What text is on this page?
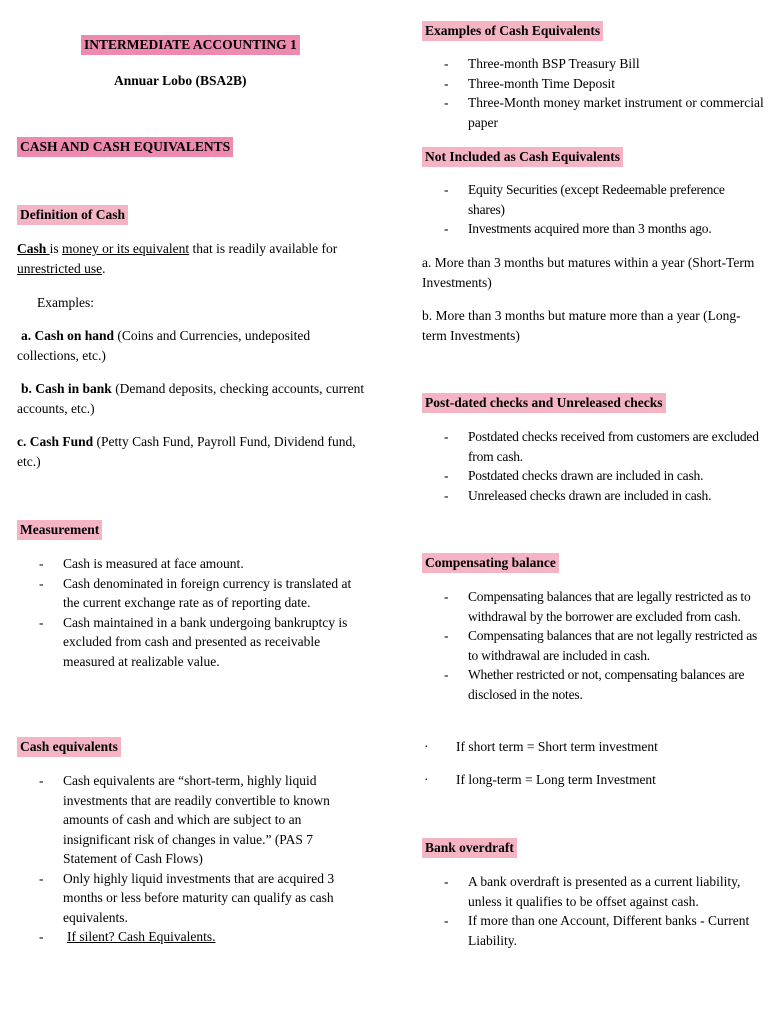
INTERMEDIATE ACCOUNTING 1
Annuar Lobo (BSA2B)
CASH AND CASH EQUIVALENTS
Definition of Cash

Cash is money or its equivalent that is readily available for unrestricted use.

Examples:

a. Cash on hand (Coins and Currencies, undeposited collections, etc.)

b. Cash in bank (Demand deposits, checking accounts, current accounts, etc.)

c. Cash Fund (Petty Cash Fund, Payroll Fund, Dividend fund, etc.)

Measurement
- Cash is measured at face amount.
- Cash denominated in foreign currency is translated at the current exchange rate as of reporting date.
- Cash maintained in a bank undergoing bankruptcy is excluded from cash and presented as receivable measured at realizable value.
Cash equivalents
- Cash equivalents are “short-term, highly liquid investments that are readily convertible to known amounts of cash and which are subject to an insignificant risk of changes in value.” (PAS 7 Statement of Cash Flows)
- Only highly liquid investments that are acquired 3 months or less before maturity can qualify as cash equivalents.
- If silent? Cash Equivalents.
Examples of Cash Equivalents
- Three-month BSP Treasury Bill
- Three-month Time Deposit
- Three-Month money market instrument or commercial paper
Not Included as Cash Equivalents
- Equity Securities (except Redeemable preference shares)
- Investments acquired more than 3 months ago.

a. More than 3 months but matures within a year (Short-Term Investments)

b. More than 3 months but mature more than a year (Long-term Investments)

Post-dated checks and Unreleased checks
- Postdated checks received from customers are excluded from cash.
- Postdated checks drawn are included in cash.
- Unreleased checks drawn are included in cash.
Compensating balance
- Compensating balances that are legally restricted as to withdrawal by the borrower are excluded from cash.
- Compensating balances that are not legally restricted as to withdrawal are included in cash.
- Whether restricted or not, compensating balances are disclosed in the notes.
· If short term = Short term investment
· If long-term = Long term Investment
Bank overdraft
- A bank overdraft is presented as a current liability, unless it qualifies to be offset against cash.
- If more than one Account, Different banks - Current Liability.
